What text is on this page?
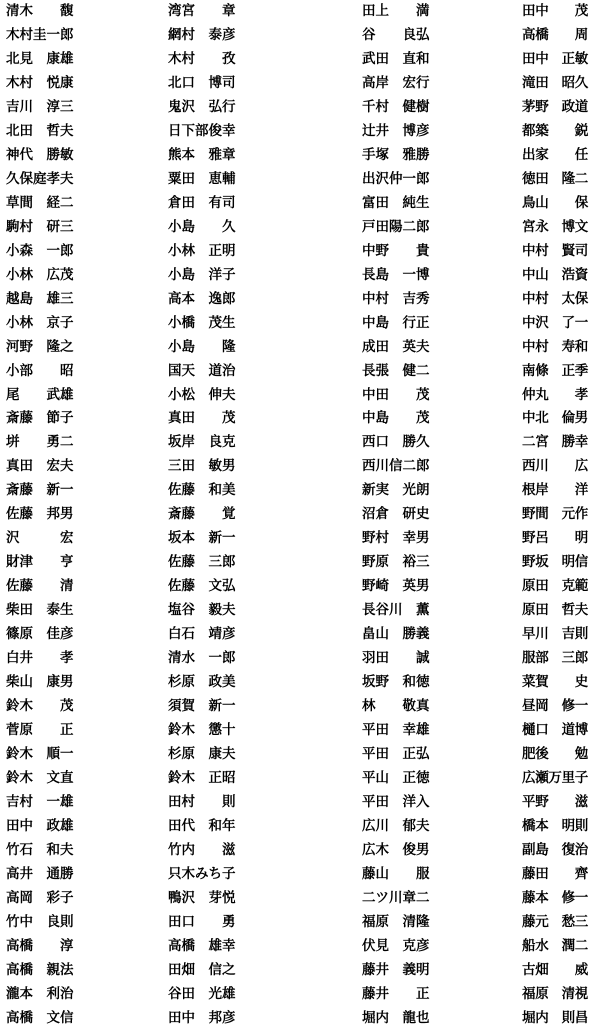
清木　　馥
木村圭一郎
北見　康雄
木村　悦康
吉川　淳三
北田　哲夫
神代　勝敏
久保庭孝夫
草間　経二
駒村　研三
小森　一郎
小林　広茂
越島　雄三
小林　京子
河野　隆之
小部　　昭
尾　　武雄
斎藤　節子
垪　　勇二
真田　宏夫
斎藤　新一
佐藤　邦男
沢　　　宏
財津　　亨
佐藤　　清
柴田　泰生
篠原　佳彦
白井　　孝
柴山　康男
鈴木　　茂
菅原　　正
鈴木　順一
鈴木　文直
吉村　一雄
田中　政雄
竹石　和夫
高井　通勝
高岡　彩子
竹中　良則
高橋　　淳
高橋　親法
瀧本　利治
高橋　文信
湾宮　　章
網村　泰彦
木村　　孜
北口　博司
鬼沢　弘行
日下部俊幸
熊本　雅章
粟田　恵輔
倉田　有司
小島　　久
小林　正明
小島　洋子
高本　逸郎
小橋　茂生
小島　　隆
国天　道治
小松　伸夫
真田　　茂
坂岸　良克
三田　敏男
佐藤　和美
斎藤　　覚
坂本　新一
佐藤　三郎
佐藤　文弘
塩谷　毅夫
白石　靖彦
清水　一郎
杉原　政美
須賀　新一
鈴木　懲十
杉原　康夫
鈴木　正昭
田村　　則
田代　和年
竹内　　滋
只木みち子
鴨沢　芽悦
田口　　勇
高橋　雄幸
田畑　信之
谷田　光雄
田中　邦彦
田上　　満
谷　　良弘
武田　直和
高岸　宏行
千村　健樹
辻井　博彦
手塚　雅勝
出沢仲一郎
富田　純生
戸田陽二郎
中野　　貴
長島　一博
中村　吉秀
中島　行正
成田　英夫
長張　健二
中田　　茂
中島　　茂
西口　勝久
西川信二郎
新実　光朗
沼倉　研史
野村　幸男
野原　裕三
野崎　英男
長谷川　薫
畠山　勝義
羽田　　誠
坂野　和徳
林　　敬真
平田　幸雄
平田　正弘
平山　正徳
平田　洋入
広川　郁夫
広木　俊男
藤山　　服
二ツ川章二
福原　清隆
伏見　克彦
藤井　義明
藤井　　正
堀内　龍也
田中　　茂
高橋　　周
田中　正敏
滝田　昭久
茅野　政道
都築　　鋭
出家　　任
徳田　隆二
鳥山　　保
宮永　博文
中村　賢司
中山　浩資
中村　太保
中沢　了一
中村　寿和
南條　正季
仲丸　　孝
中北　倫男
二宮　勝幸
西川　　広
根岸　　洋
野間　元作
野呂　　明
野坂　明信
原田　克範
原田　哲夫
早川　吉則
服部　三郎
菜賀　　史
昼岡　修一
樋口　道博
肥後　　勉
広瀬万里子
平野　　滋
橋本　明則
副島　復治
藤田　　齊
藤本　修一
藤元　愁三
船水　潤二
古畑　　威
福原　清視
堀内　則昌
